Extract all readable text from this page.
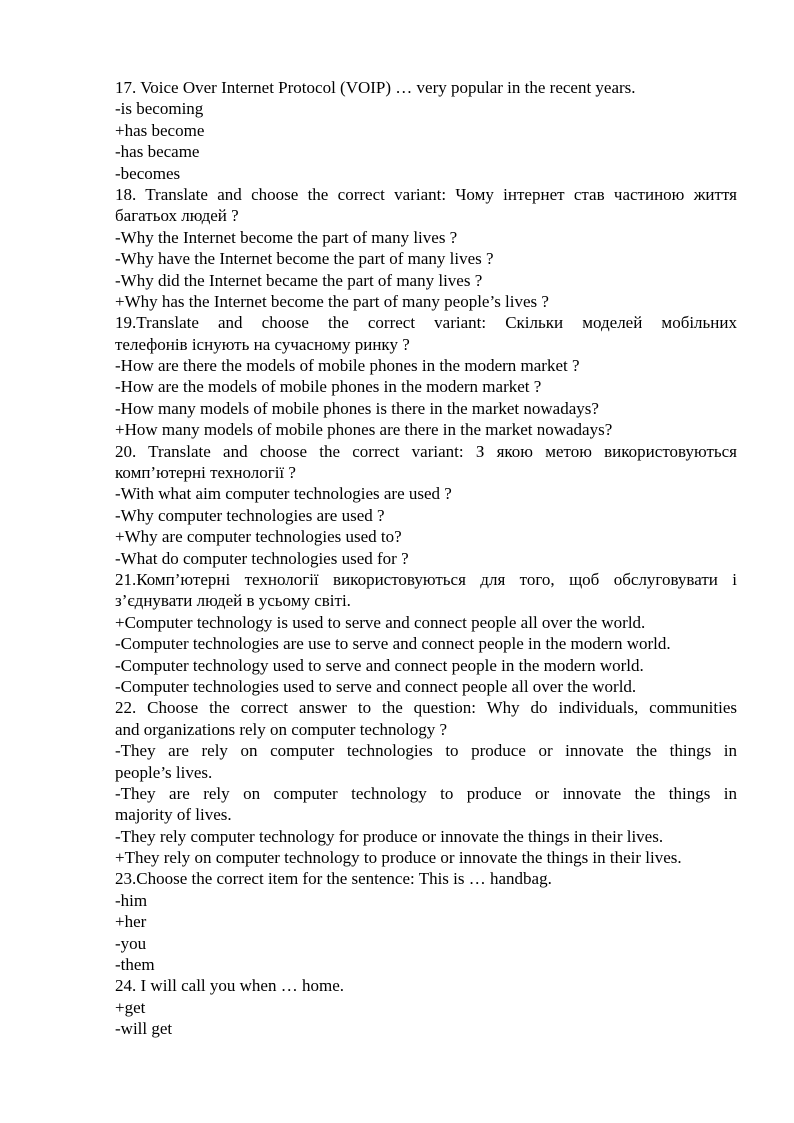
17. Voice Over Internet Protocol (VOIP) … very popular in the recent years.
-is becoming
+has become
-has became
-becomes
18. Translate and choose the correct variant: Чому інтернет став частиною життя
багатьох людей ?
-Why the Internet become the part of many lives ?
-Why have the Internet become the part of many lives ?
-Why did the Internet became the part of many lives ?
+Why has the Internet become the part of many people’s lives ?
19.Translate and choose the correct variant: Скільки моделей мобільних
телефонів існують на сучасному ринку ?
-How are there the models of mobile phones in the modern market ?
-How are the models of mobile phones in the modern market ?
-How many models of mobile phones is there in the market nowadays?
+How many models of mobile phones are there in the market nowadays?
20. Translate and choose the correct variant: З якою метою використовуються
комп’ютерні технології ?
-With what aim computer technologies are used ?
-Why computer technologies are used ?
+Why are computer technologies used to?
-What do computer technologies used for ?
21.Комп’ютерні технології використовуються для того, щоб обслуговувати і
з’єднувати людей в усьому світі.
+Computer technology is used to serve and connect people all over the world.
-Computer technologies are use to serve and connect people in the modern world.
-Computer technology used to serve and connect people in the modern world.
-Computer technologies used to serve and connect people all over the world.
22. Choose the correct answer to the question: Why do individuals, communities
and organizations rely on computer technology ?
-They are rely on computer technologies to produce or innovate the things in
people’s lives.
-They are rely on computer technology to produce or innovate the things in
majority of lives.
-They rely computer technology for produce or innovate the things in their lives.
+They rely on computer technology to produce or innovate the things in their lives.
23.Choose the correct item for the sentence: This is … handbag.
-him
+her
-you
-them
24. I will call you when … home.
+get
-will get
